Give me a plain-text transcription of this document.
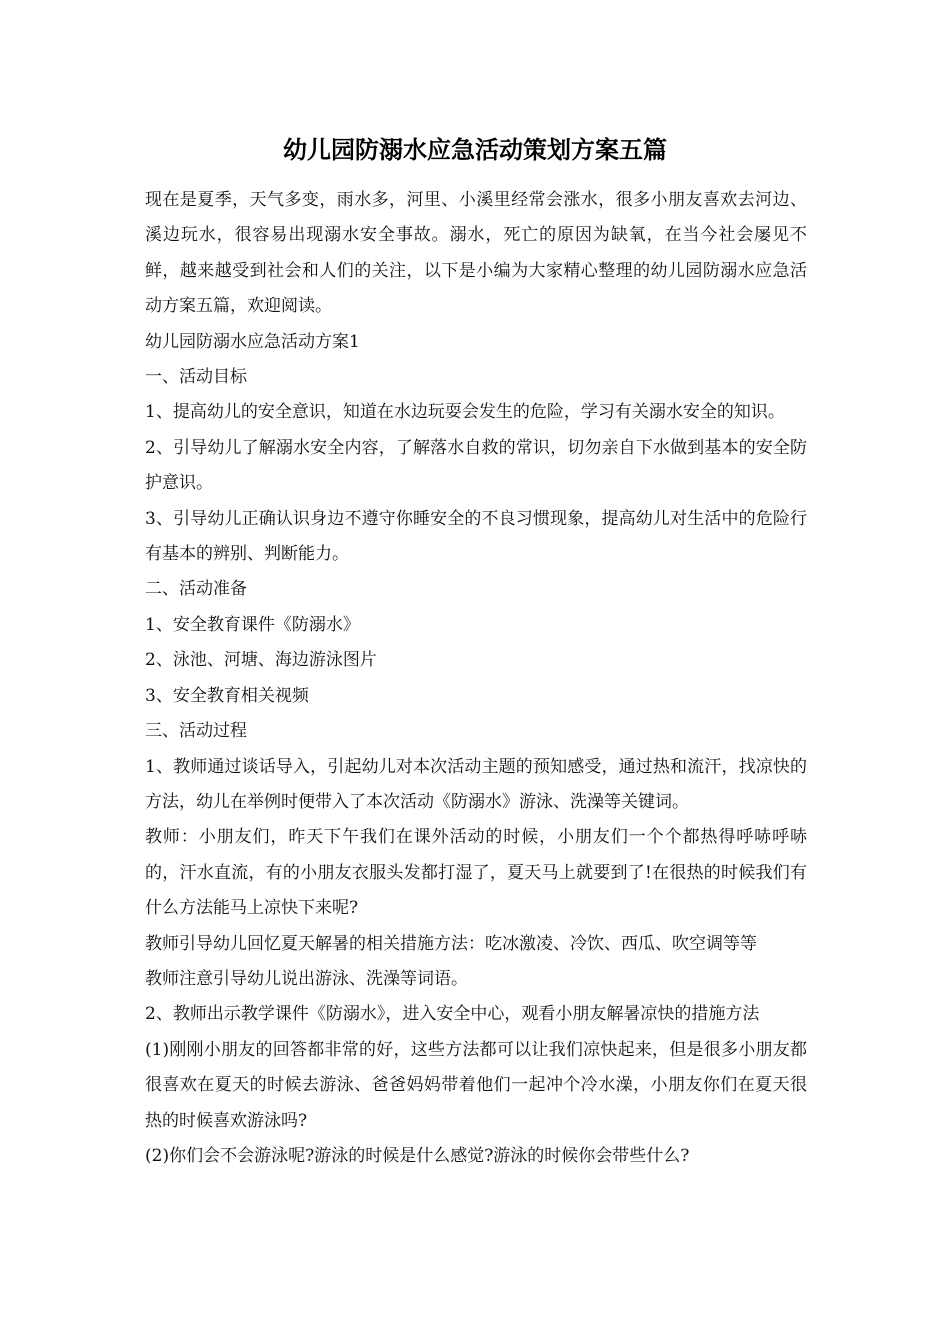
幼儿园防溺水应急活动策划方案五篇

现在是夏季，天气多变，雨水多，河里、小溪里经常会涨水，很多小朋友喜欢去河边、溪边玩水，很容易出现溺水安全事故。溺水，死亡的原因为缺氧，在当今社会屡见不鲜，越来越受到社会和人们的关注，以下是小编为大家精心整理的幼儿园防溺水应急活动方案五篇，欢迎阅读。

幼儿园防溺水应急活动方案1

一、活动目标

1、提高幼儿的安全意识，知道在水边玩耍会发生的危险，学习有关溺水安全的知识。

2、引导幼儿了解溺水安全内容，了解落水自救的常识，切勿亲自下水做到基本的安全防护意识。

3、引导幼儿正确认识身边不遵守你睡安全的不良习惯现象，提高幼儿对生活中的危险行有基本的辨别、判断能力。

二、活动准备

1、安全教育课件《防溺水》

2、泳池、河塘、海边游泳图片

3、安全教育相关视频

三、活动过程

1、教师通过谈话导入，引起幼儿对本次活动主题的预知感受，通过热和流汗，找凉快的方法，幼儿在举例时便带入了本次活动《防溺水》游泳、洗澡等关键词。

教师：小朋友们，昨天下午我们在课外活动的时候，小朋友们一个个都热得呼哧呼哧的，汗水直流，有的小朋友衣服头发都打湿了，夏天马上就要到了!在很热的时候我们有什么方法能马上凉快下来呢?

教师引导幼儿回忆夏天解暑的相关措施方法：吃冰激凌、冷饮、西瓜、吹空调等等

教师注意引导幼儿说出游泳、洗澡等词语。

2、教师出示教学课件《防溺水》，进入安全中心，观看小朋友解暑凉快的措施方法

(1)刚刚小朋友的回答都非常的好，这些方法都可以让我们凉快起来，但是很多小朋友都很喜欢在夏天的时候去游泳、爸爸妈妈带着他们一起冲个冷水澡，小朋友你们在夏天很热的时候喜欢游泳吗?

(2)你们会不会游泳呢?游泳的时候是什么感觉?游泳的时候你会带些什么?
